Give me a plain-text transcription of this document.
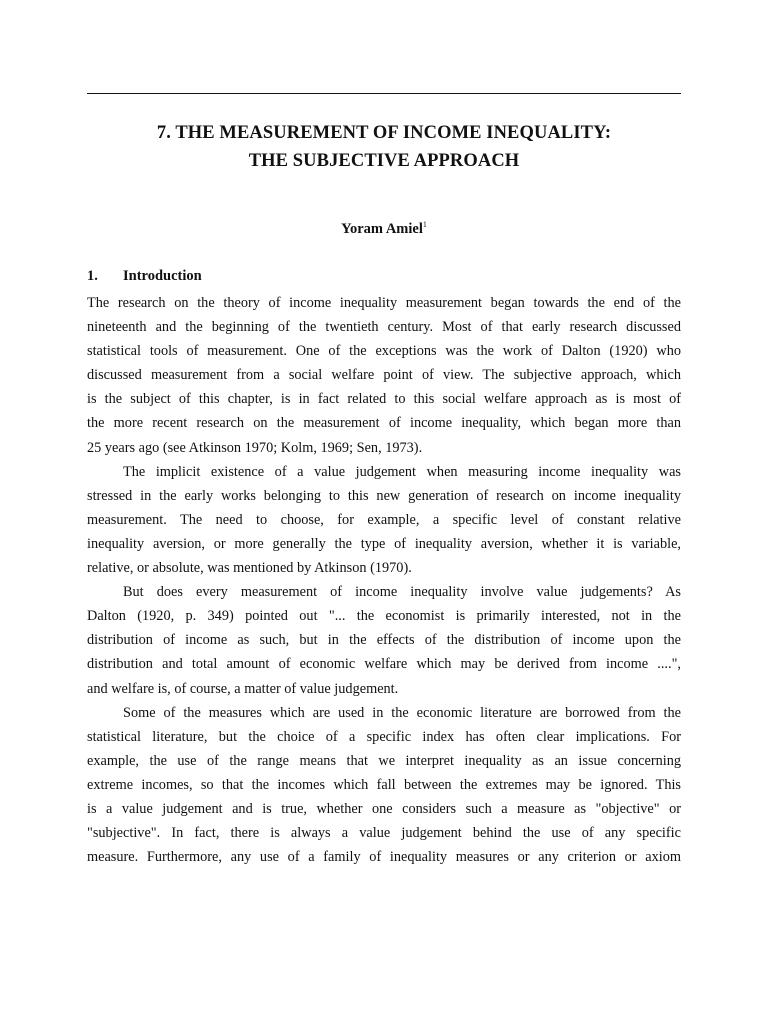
7. THE MEASUREMENT OF INCOME INEQUALITY:
THE SUBJECTIVE APPROACH
Yoram Amiel$^1$
1. Introduction
The research on the theory of income inequality measurement began towards the end of the
nineteenth and the beginning of the twentieth century. Most of that early research discussed
statistical tools of measurement. One of the exceptions was the work of Dalton (1920) who
discussed measurement from a social welfare point of view. The subjective approach, which
is the subject of this chapter, is in fact related to this social welfare approach as is most of
the more recent research on the measurement of income inequality, which began more than
25 years ago (see Atkinson 1970; Kolm, 1969; Sen, 1973).
The implicit existence of a value judgement when measuring income inequality was
stressed in the early works belonging to this new generation of research on income inequality
measurement. The need to choose, for example, a specific level of constant relative
inequality aversion, or more generally the type of inequality aversion, whether it is variable,
relative, or absolute, was mentioned by Atkinson (1970).
But does every measurement of income inequality involve value judgements? As
Dalton (1920, p. 349) pointed out "... the economist is primarily interested, not in the
distribution of income as such, but in the effects of the distribution of income upon the
distribution and total amount of economic welfare which may be derived from income ....",
and welfare is, of course, a matter of value judgement.
Some of the measures which are used in the economic literature are borrowed from the
statistical literature, but the choice of a specific index has often clear implications. For
example, the use of the range means that we interpret inequality as an issue concerning
extreme incomes, so that the incomes which fall between the extremes may be ignored. This
is a value judgement and is true, whether one considers such a measure as "objective" or
"subjective". In fact, there is always a value judgement behind the use of any specific
measure. Furthermore, any use of a family of inequality measures or any criterion or axiom
